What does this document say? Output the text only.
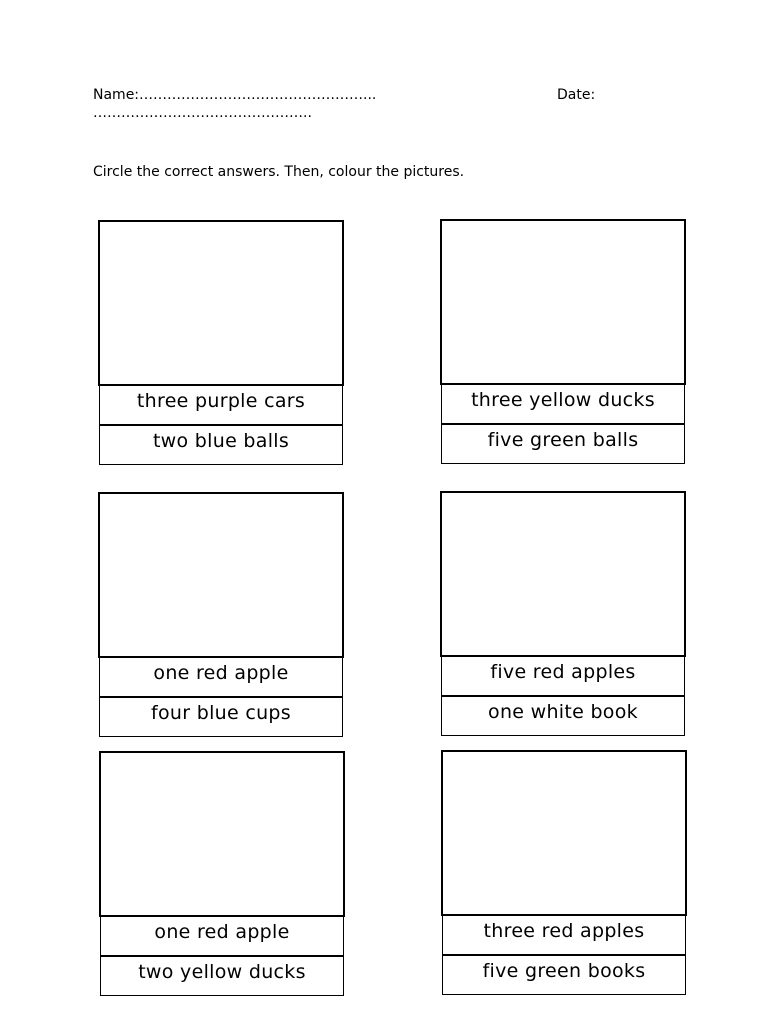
Name:…………………………………………...	Date:
………………………………………..
Circle the correct answers. Then, colour the pictures.
three purple cars
two blue balls
three yellow ducks
five green balls
one red apple
four blue cups
five red apples
one white book
one red apple
two yellow ducks
three red apples
five green books
